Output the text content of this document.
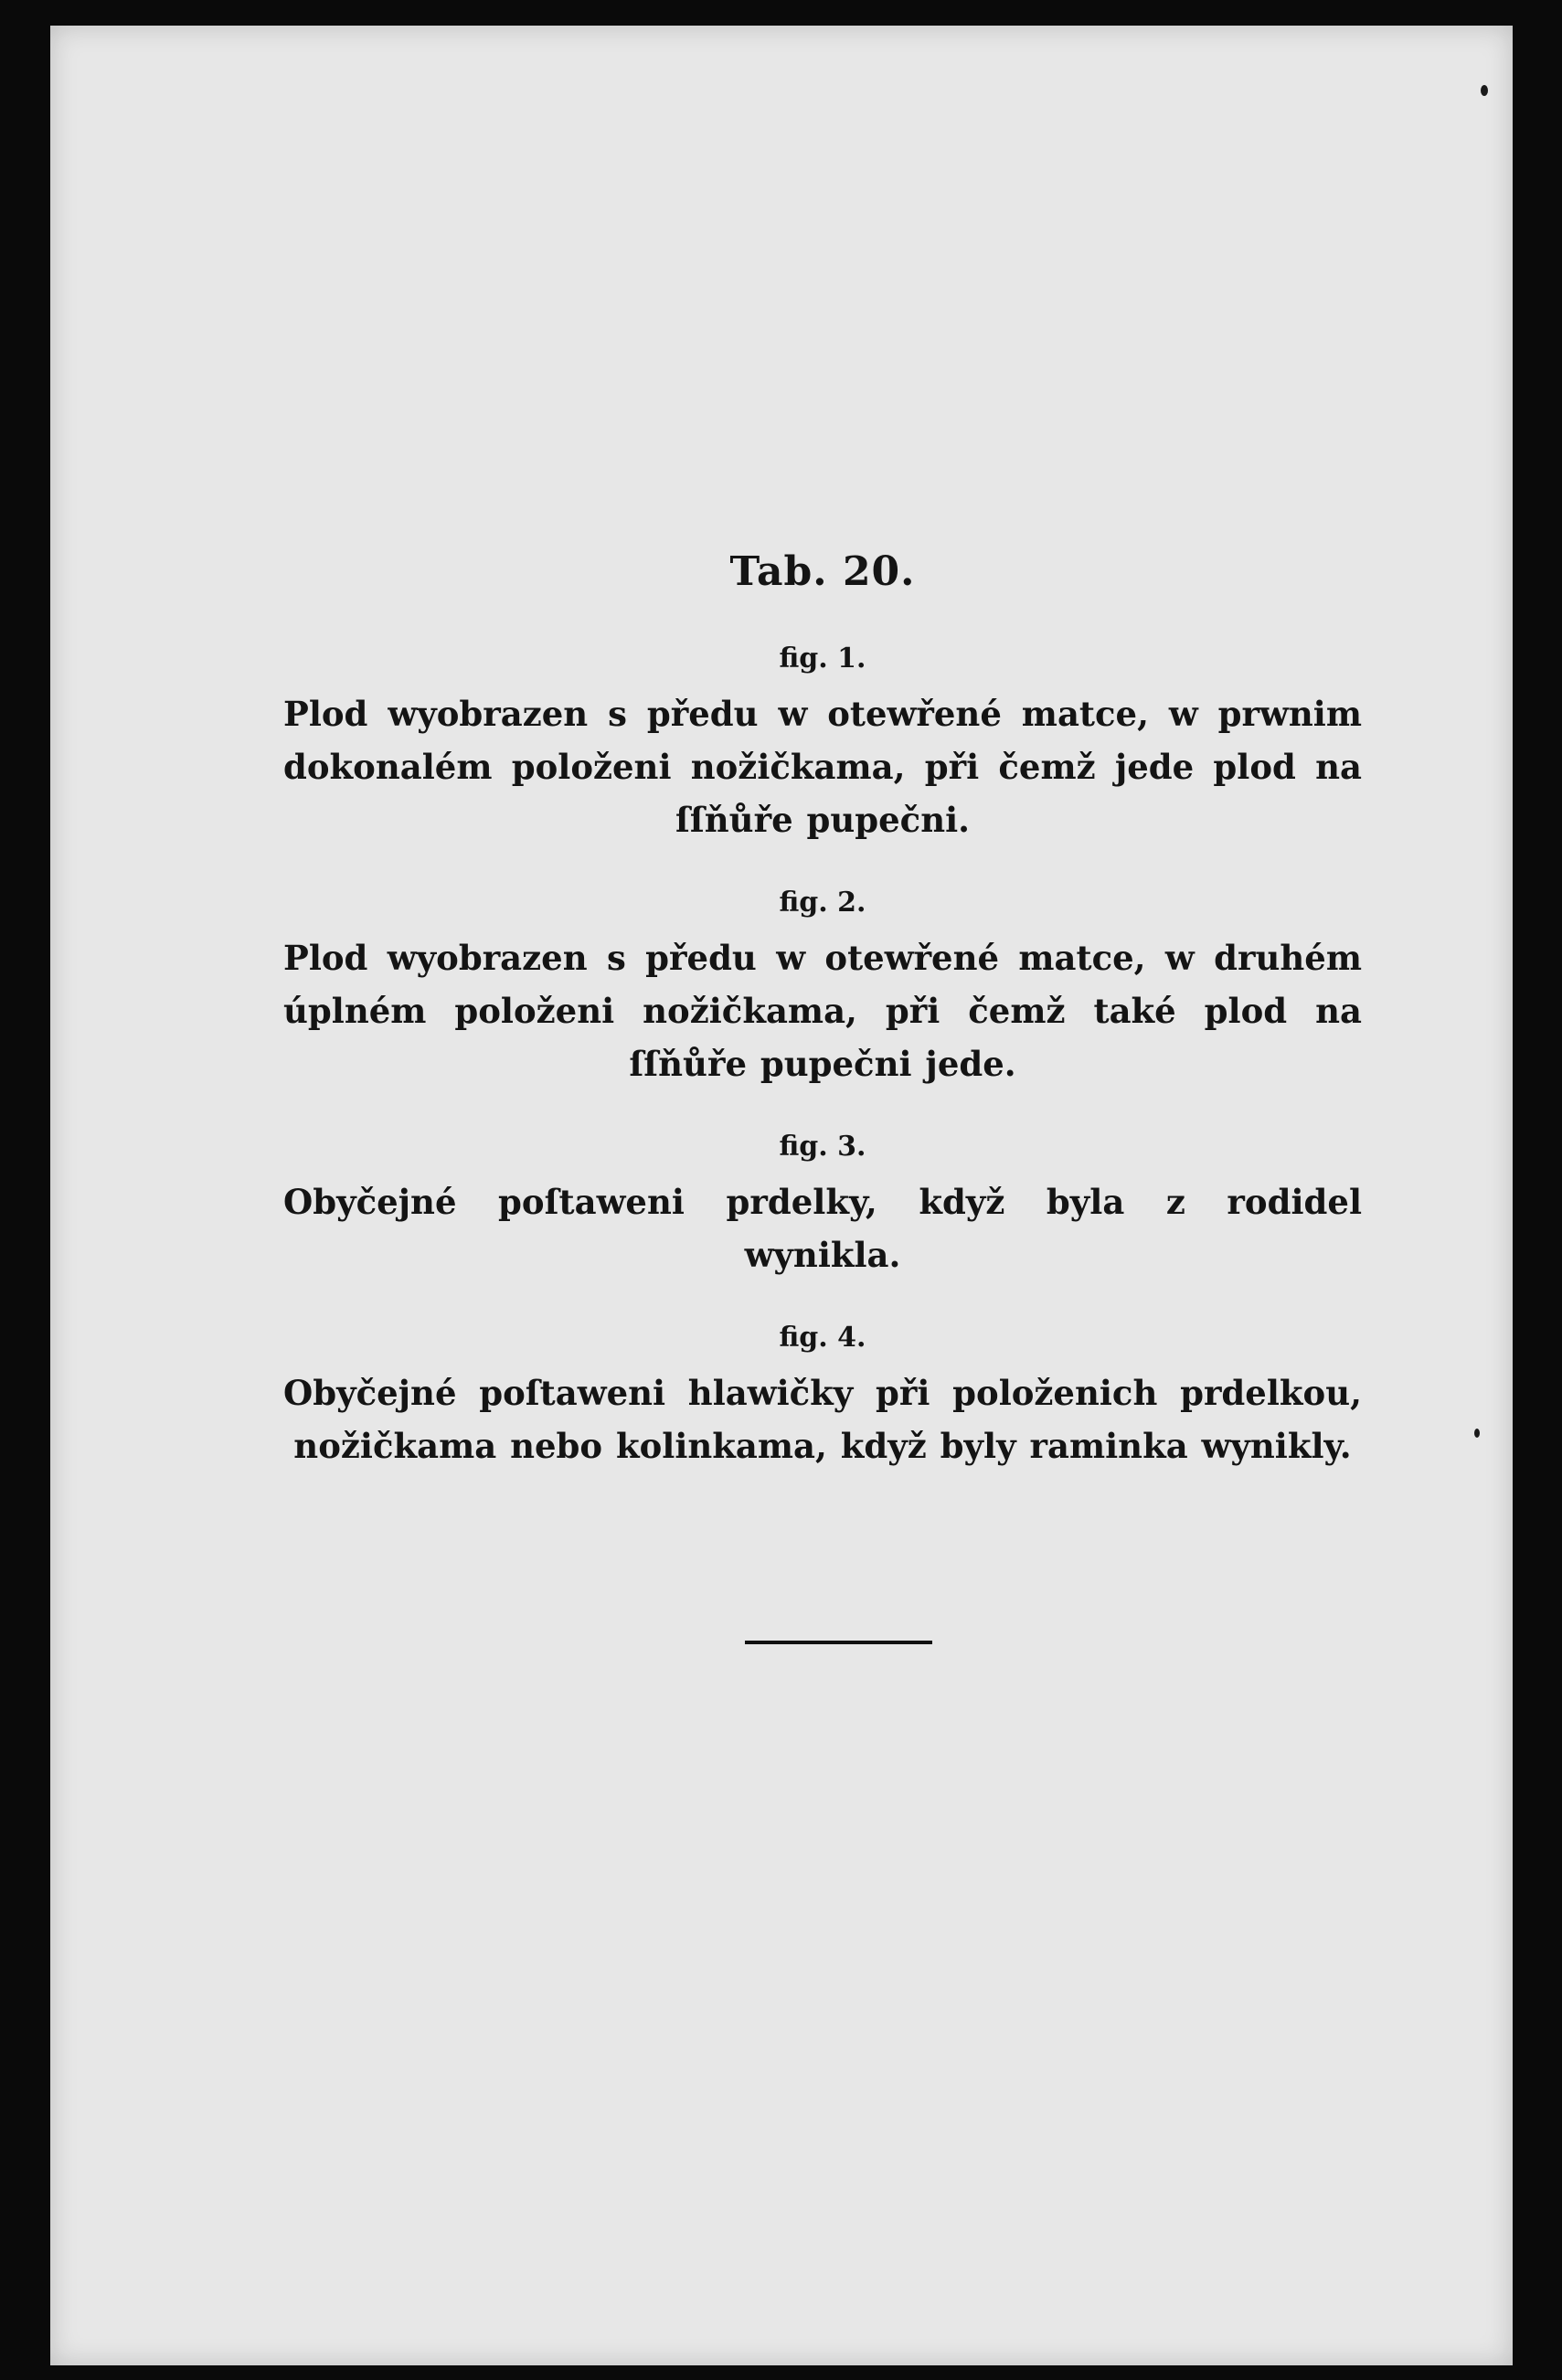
Tab. 20.
fig. 1.
Plod wyobrazen s předu w otewřené matce, w prwnim dokonalém položeni nožičkama, při čemž jede plod na ſſňůře pupečni.
fig. 2.
Plod wyobrazen s předu w otewřené matce, w druhém úplném položeni nožičkama, při čemž také plod na ſſňůře pupečni jede.
fig. 3.
Obyčejné poſtaweni prdelky, když byla z rodidel wynikla.
fig. 4.
Obyčejné poſtaweni hlawičky při položenich prdelkou, nožičkama nebo kolinkama, když byly raminka wynikly.
